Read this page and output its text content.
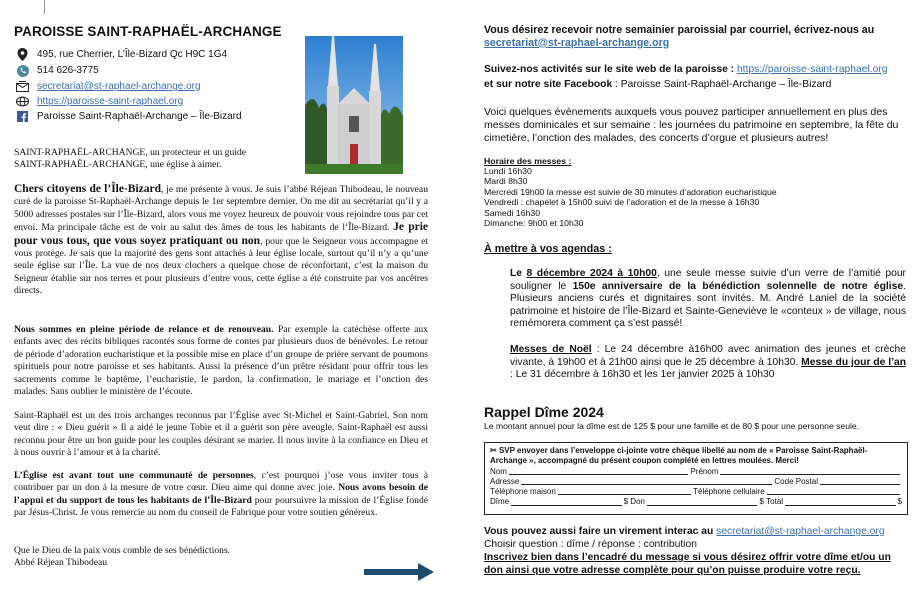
PAROISSE SAINT-RAPHAËL-ARCHANGE
495, rue Cherrier, L’Île-Bizard Qc H9C 1G4
514 626-3775
secretariat@st-raphael-archange.org
https://paroisse-saint-raphael.org
Paroisse Saint-Raphaël-Archange – Île-Bizard
SAINT-RAPHAËL-ARCHANGE, un protecteur et un guide
SAINT-RAPHAËL-ARCHANGE, une église à aimer.
Chers citoyens de l’Île-Bizard, je me présente à vous. Je suis l’abbé Réjean Thibodeau, le nouveau curé de la paroisse St-Raphaël-Archange depuis le 1er septembre dernier. On me dit au secrétariat qu’il y a 5000 adresses postales sur l’Île-Bizard, alors vous me voyez heureux de pouvoir vous rejoindre tous par cet envoi. Ma principale tâche est de voir au salut des âmes de tous les habitants de l’Île-Bizard. Je prie pour vous tous, que vous soyez pratiquant ou non, pour que le Seigneur vous accompagne et vous protège. Je sais que la majorité des gens sont attachés à leur église locale, surtout qu’il n’y a qu’une seule église sur l’Île. La vue de nos deux clochers a quelque chose de réconfortant, c’est la maison du Seigneur établie sur nos terres et pour plusieurs d’entre vous, cette église a été construite par vos ancêtres directs.
Nous sommes en pleine période de relance et de renouveau. Par exemple la catéchèse offerte aux enfants avec des récits bibliques racontés sous forme de contes par plusieurs duos de bénévoles. Le retour de période d’adoration eucharistique et la possible mise en place d’un groupe de prière servant de poumons spirituels pour notre paroisse et ses habitants. Aussi la présence d’un prêtre résidant pour offrir tous les sacrements comme le baptême, l’eucharistie, le pardon, la confirmation, le mariage et l’onction des malades. Sans oublier le ministère de l’écoute.
Saint-Raphaël est un des trois archanges reconnus par l’Église avec St-Michel et Saint-Gabriel. Son nom veut dire : « Dieu guérit » Il a aidé le jeune Tobie et il a guérit son père aveugle. Saint-Raphaël est aussi reconnu pour être un bon guide pour les couples désirant se marier. Il nous invite à la confiance en Dieu et à nous ouvrir à l’amour et à la charité.
L’Église est avant tout une communauté de personnes, c’est pourquoi j’ose vous inviter tous à contribuer par un don à la mesure de votre cœur. Dieu aime qui donne avec joie. Nous avons besoin de l’appui et du support de tous les habitants de l’Île-Bizard pour poursuivre la mission de l’Église fondé par Jésus-Christ. Je vous remercie au nom du conseil de Fabrique pour votre soutien généreux.
Que le Dieu de la paix vous comble de ses bénédictions.
Abbé Réjean Thibodeau
Vous désirez recevoir notre semainier paroissial par courriel, écrivez-nous au
secretariat@st-raphael-archange.org
Suivez-nos activités sur le site web de la paroisse : https://paroisse-saint-raphael.org
et sur notre site Facebook : Paroisse Saint-Raphaël-Archange – Île-Bizard
Voici quelques évènements auxquels vous pouvez participer annuellement en plus des messes dominicales et sur semaine : les journées du patrimoine en septembre, la fête du cimetière, l’onction des malades, des concerts d’orgue et plusieurs autres!
Horaire des messes :
Lundi 16h30
Mardi 8h30
Mercredi 19h00 la messe est suivie de 30 minutes d’adoration eucharistique
Vendredi : chapelet à 15h00 suivi de l’adoration et de la messe à 16h30
Samedi 16h30
Dimanche: 9h00 et 10h30
À mettre à vos agendas :
Le 8 décembre 2024 à 10h00, une seule messe suivie d’un verre de l’amitié pour souligner le 150e anniversaire de la bénédiction solennelle de notre église. Plusieurs anciens curés et dignitaires sont invités. M. André Laniel de la société patrimoine et histoire de l’Île-Bizard et Sainte-Geneviève le «conteux » de village, nous remémorera comment ça s’est passé!
Messes de Noël : Le 24 décembre à16h00 avec animation des jeunes et crèche vivante, à 19h00 et à 21h00 ainsi que le 25 décembre à 10h30. Messe du jour de l’an : Le 31 décembre à 16h30 et les 1er janvier 2025 à 10h30
Rappel Dîme 2024
Le montant annuel pour la dîme est de 125 $ pour une famille et de 80 $ pour une personne seule.
✂ SVP envoyer dans l’enveloppe ci-jointe votre chèque libellé au nom de « Paroisse Saint-Raphaël-Archange », accompagné du présent coupon complété en lettres moulées. Merci!
Nom	Prénom
Adresse	Code Postal
Téléphone maison	Téléphone cellulaire
Dîme	$
Don	$
Total	$
Vous pouvez aussi faire un virement interac au secretariat@st-raphael-archange.org
Choisir question : dîme / réponse : contribution
Inscrivez bien dans l’encadré du message si vous désirez offrir votre dîme et/ou un don ainsi que votre adresse complète pour qu’on puisse produire votre reçu.
